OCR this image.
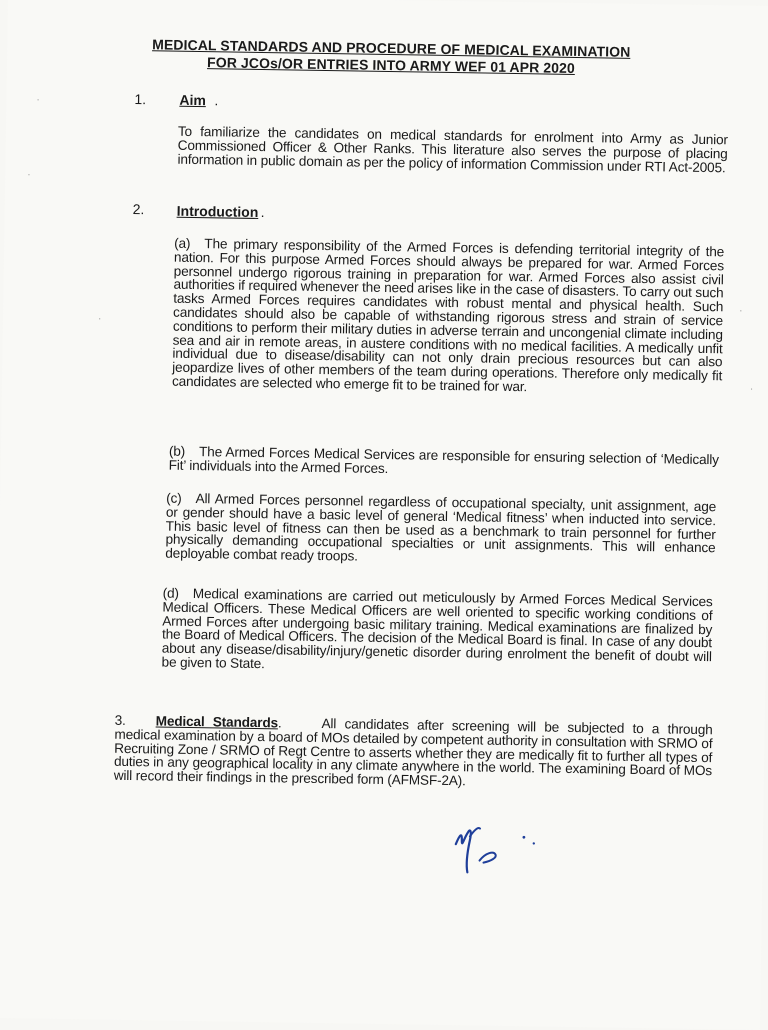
MEDICAL STANDARDS AND PROCEDURE OF MEDICAL EXAMINATION
FOR JCOs/OR ENTRIES INTO ARMY WEF 01 APR 2020
1. Aim .
To familiarize the candidates on medical standards for enrolment into Army as Junior Commissioned Officer & Other Ranks. This literature also serves the purpose of placing information in public domain as per the policy of information Commission under RTI Act-2005.
2. Introduction .
(a) The primary responsibility of the Armed Forces is defending territorial integrity of the nation. For this purpose Armed Forces should always be prepared for war. Armed Forces personnel undergo rigorous training in preparation for war. Armed Forces also assist civil authorities if required whenever the need arises like in the case of disasters. To carry out such tasks Armed Forces requires candidates with robust mental and physical health. Such candidates should also be capable of withstanding rigorous stress and strain of service conditions to perform their military duties in adverse terrain and uncongenial climate including sea and air in remote areas, in austere conditions with no medical facilities. A medically unfit individual due to disease/disability can not only drain precious resources but can also jeopardize lives of other members of the team during operations. Therefore only medically fit candidates are selected who emerge fit to be trained for war.
(b) The Armed Forces Medical Services are responsible for ensuring selection of ‘Medically Fit’ individuals into the Armed Forces.
(c) All Armed Forces personnel regardless of occupational specialty, unit assignment, age or gender should have a basic level of general ‘Medical fitness’ when inducted into service. This basic level of fitness can then be used as a benchmark to train personnel for further physically demanding occupational specialties or unit assignments. This will enhance deployable combat ready troops.
(d) Medical examinations are carried out meticulously by Armed Forces Medical Services Medical Officers. These Medical Officers are well oriented to specific working conditions of Armed Forces after undergoing basic military training. Medical examinations are finalized by the Board of Medical Officers. The decision of the Medical Board is final. In case of any doubt about any disease/disability/injury/genetic disorder during enrolment the benefit of doubt will be given to State.
3. Medical Standards.	All candidates after screening will be subjected to a through medical examination by a board of MOs detailed by competent authority in consultation with SRMO of Recruiting Zone / SRMO of Regt Centre to asserts whether they are medically fit to further all types of duties in any geographical locality in any climate anywhere in the world. The examining Board of MOs will record their findings in the prescribed form (AFMSF-2A).
·
·
·
·
·
